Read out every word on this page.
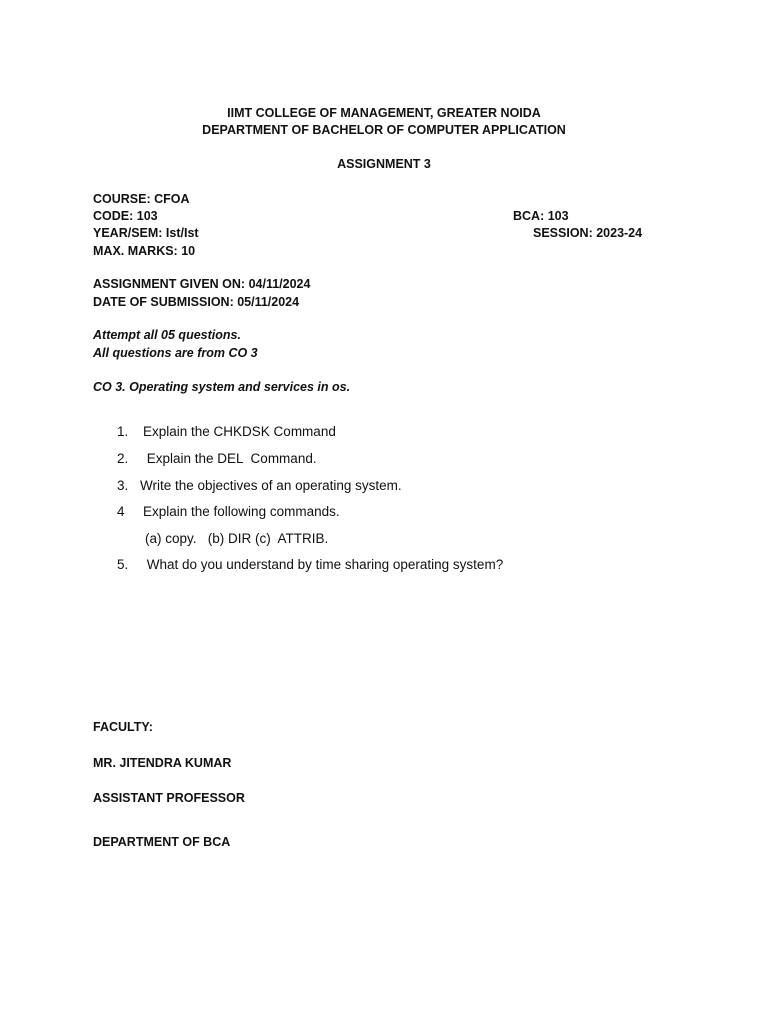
IIMT COLLEGE OF MANAGEMENT, GREATER NOIDA
DEPARTMENT OF BACHELOR OF COMPUTER APPLICATION
ASSIGNMENT 3
COURSE: CFOA
CODE: 103	BCA: 103
YEAR/SEM: Ist/Ist	SESSION: 2023-24
MAX. MARKS: 10
ASSIGNMENT GIVEN ON: 04/11/2024
DATE OF SUBMISSION: 05/11/2024
Attempt all 05 questions.
All questions are from CO 3
CO 3. Operating system and services in os.
1. Explain the CHKDSK Command
2. Explain the DEL  Command.
3. Write the objectives of an operating system.
4 Explain the following commands.
(a) copy.   (b) DIR (c)  ATTRIB.
5. What do you understand by time sharing operating system?
FACULTY:
MR. JITENDRA KUMAR
ASSISTANT PROFESSOR
DEPARTMENT OF BCA
